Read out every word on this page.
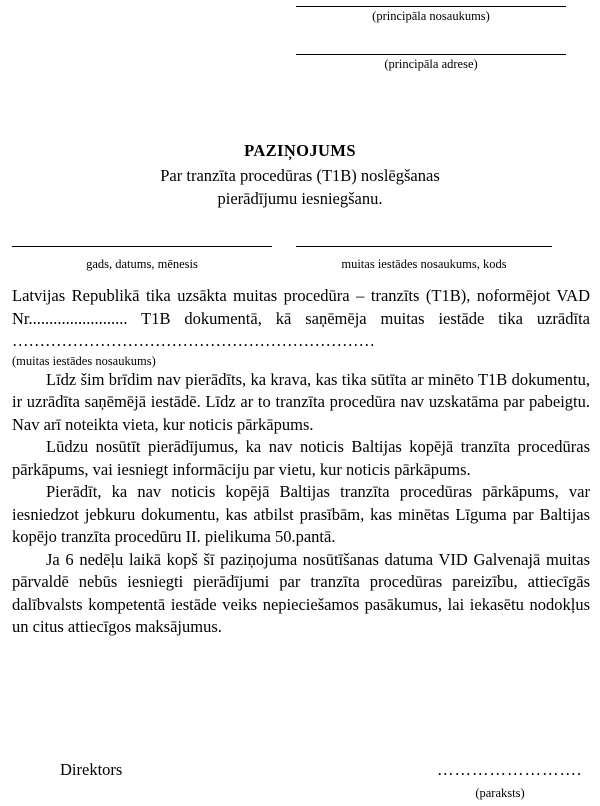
(principāla nosaukums)
(principāla adrese)
PAZIŅOJUMS
Par tranzīta procedūras (T1B) noslēgšanas
pierādījumu iesniegšanu.
gads, datums, mēnesis	muitas iestādes nosaukums, kods

Latvijas Republikā tika uzsākta muitas procedūra – tranzīts (T1B), noformējot VAD Nr........................ T1B dokumentā, kā saņēmēja muitas iestāde tika uzrādīta …………………………………………………………

(muitas iestādes nosaukums)

Līdz šim brīdim nav pierādīts, ka krava, kas tika sūtīta ar minēto T1B dokumentu, ir uzrādīta saņēmējā iestādē. Līdz ar to tranzīta procedūra nav uzskatāma par pabeigtu. Nav arī noteikta vieta, kur noticis pārkāpums.

Lūdzu nosūtīt pierādījumus, ka nav noticis Baltijas kopējā tranzīta procedūras pārkāpums, vai iesniegt informāciju par vietu, kur noticis pārkāpums.

Pierādīt, ka nav noticis kopējā Baltijas tranzīta procedūras pārkāpums, var iesniedzot jebkuru dokumentu, kas atbilst prasībām, kas minētas Līguma par Baltijas kopējo tranzīta procedūru II. pielikuma 50.pantā.

Ja 6 nedēļu laikā kopš šī paziņojuma nosūtīšanas datuma VID Galvenajā muitas pārvaldē nebūs iesniegti pierādījumi par tranzīta procedūras pareizību, attiecīgās dalībvalsts kompetentā iestāde veiks nepieciešamos pasākumus, lai iekasētu nodokļus un citus attiecīgos maksājumus.

Direktors	…………………….
(paraksts)
